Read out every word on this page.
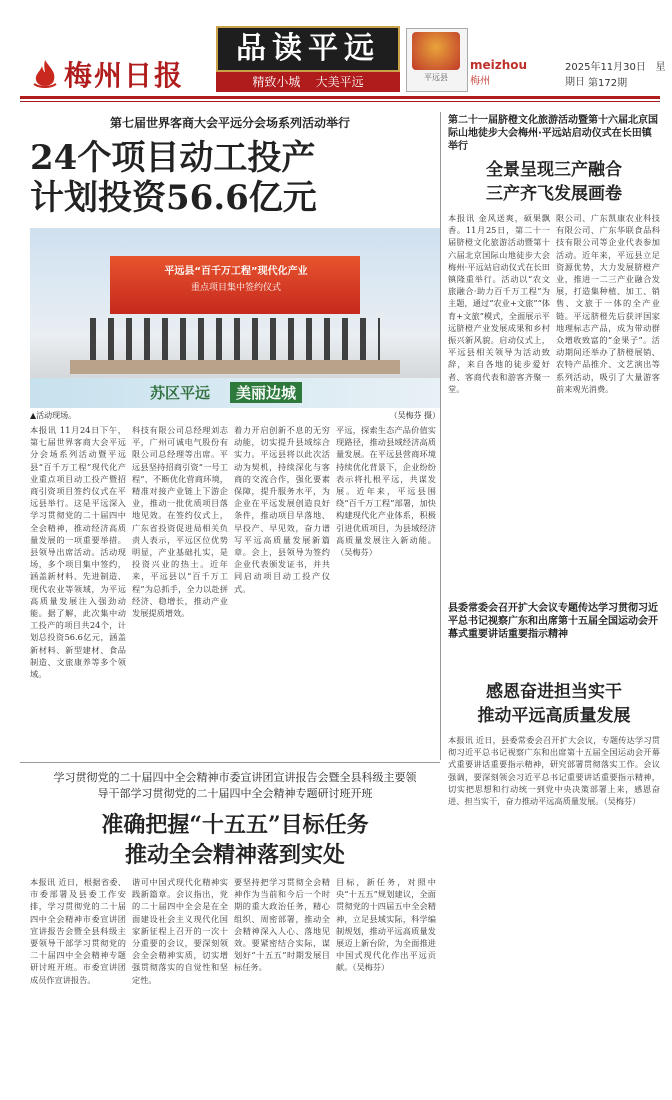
梅州日报
品读平远
精致小城 大美平远	平远县
meizhou
梅州
2025年11月30日 星期日 第172期
第七届世界客商大会平远分会场系列活动举行
24个项目动工投产
计划投资56.6亿元
平远县“百千万工程”现代化产业
重点项目集中签约仪式
苏区平远	美丽边城
▲活动现场。	（吴梅芬 摄）
本报讯 11月24日下午，第七届世界客商大会平远分会场系列活动暨平远县“百千万工程”现代化产业重点项目动工投产暨招商引资项目签约仪式在平远县举行。这是平远深入学习贯彻党的二十届四中全会精神，推动经济高质量发展的一项重要举措。县领导出席活动。活动现场，多个项目集中签约，涵盖新材料、先进制造、现代农业等领域，为平远高质量发展注入强劲动能。据了解，此次集中动工投产的项目共24个，计划总投资56.6亿元，涵盖新材料、新型建材、食品制造、文旅康养等多个领域。
科技有限公司总经理刘志平，广州可诚电气股份有限公司总经理等出席。平远县坚持招商引资“一号工程”，不断优化营商环境，精准对接产业链上下游企业，推动一批优质项目落地见效。在签约仪式上，广东省投资促进局相关负责人表示，平远区位优势明显，产业基础扎实，是投资兴业的热土。近年来，平远县以“百千万工程”为总抓手，全力以赴拼经济、稳增长，推动产业发展提质增效。
着力开启创新不息的无穷动能，切实提升县域综合实力。平远县将以此次活动为契机，持续深化与客商的交流合作，强化要素保障，提升服务水平，为企业在平远发展创造良好条件，推动项目早落地、早投产、早见效，奋力谱写平远高质量发展新篇章。会上，县领导为签约企业代表颁发证书，并共同启动项目动工投产仪式。
平远，探索生态产品价值实现路径，推动县域经济高质量发展。在平远县营商环境持续优化背景下，企业纷纷表示将扎根平远，共谋发展。近年来，平远县围绕“百千万工程”部署，加快构建现代化产业体系，积极引进优质项目，为县域经济高质量发展注入新动能。（吴梅芬）
第二十一届脐橙文化旅游活动暨第十六届北京国际山地徒步大会梅州·平远站启动仪式在长田镇举行
全景呈现三产融合
三产齐飞发展画卷
本报讯 金风送爽，硕果飘香。11月25日，第二十一届脐橙文化旅游活动暨第十六届北京国际山地徒步大会梅州·平远站启动仪式在长田镇隆重举行。活动以“农文旅融合·助力百千万工程”为主题，通过“农业+文旅”“体育+文旅”模式，全面展示平远脐橙产业发展成果和乡村振兴新风貌。启动仪式上，平远县相关领导为活动致辞，来自各地的徒步爱好者、客商代表和游客齐聚一堂。
限公司、广东凯康农业科技有限公司、广东华联食品科技有限公司等企业代表参加活动。近年来，平远县立足资源优势，大力发展脐橙产业，推进一二三产业融合发展，打造集种植、加工、销售、文旅于一体的全产业链。平远脐橙先后获评国家地理标志产品，成为带动群众增收致富的“金果子”。活动期间还举办了脐橙展销、农特产品推介、文艺演出等系列活动，吸引了大量游客前来观光消费。
县委常委会召开扩大会议专题传达学习贯彻习近平总书记视察广东和出席第十五届全国运动会开幕式重要讲话重要指示精神
感恩奋进担当实干
推动平远高质量发展
本报讯 近日，县委常委会召开扩大会议，专题传达学习贯彻习近平总书记视察广东和出席第十五届全国运动会开幕式重要讲话重要指示精神，研究部署贯彻落实工作。会议强调，要深刻领会习近平总书记重要讲话重要指示精神，切实把思想和行动统一到党中央决策部署上来，感恩奋进、担当实干，奋力推动平远高质量发展。（吴梅芬）
学习贯彻党的二十届四中全会精神市委宣讲团宣讲报告会暨全县科级主要领
导干部学习贯彻党的二十届四中全会精神专题研讨班开班
准确把握“十五五”目标任务
推动全会精神落到实处
本报讯 近日，根据省委、市委部署及县委工作安排，学习贯彻党的二十届四中全会精神市委宣讲团宣讲报告会暨全县科级主要领导干部学习贯彻党的二十届四中全会精神专题研讨班开班。市委宣讲团成员作宣讲报告。
谐可中国式现代化精神实践新篇章。会议指出，党的二十届四中全会是在全面建设社会主义现代化国家新征程上召开的一次十分重要的会议，要深刻领会全会精神实质，切实增强贯彻落实的自觉性和坚定性。
要坚持把学习贯彻全会精神作为当前和今后一个时期的重大政治任务，精心组织、周密部署，推动全会精神深入人心、落地见效。要紧密结合实际，谋划好“十五五”时期发展目标任务。
目标，新任务，对照中央“十五五”规划建议，全面贯彻党的十四届五中全会精神，立足县域实际，科学编制规划，推动平远高质量发展迈上新台阶，为全面推进中国式现代化作出平远贡献。（吴梅芬）
